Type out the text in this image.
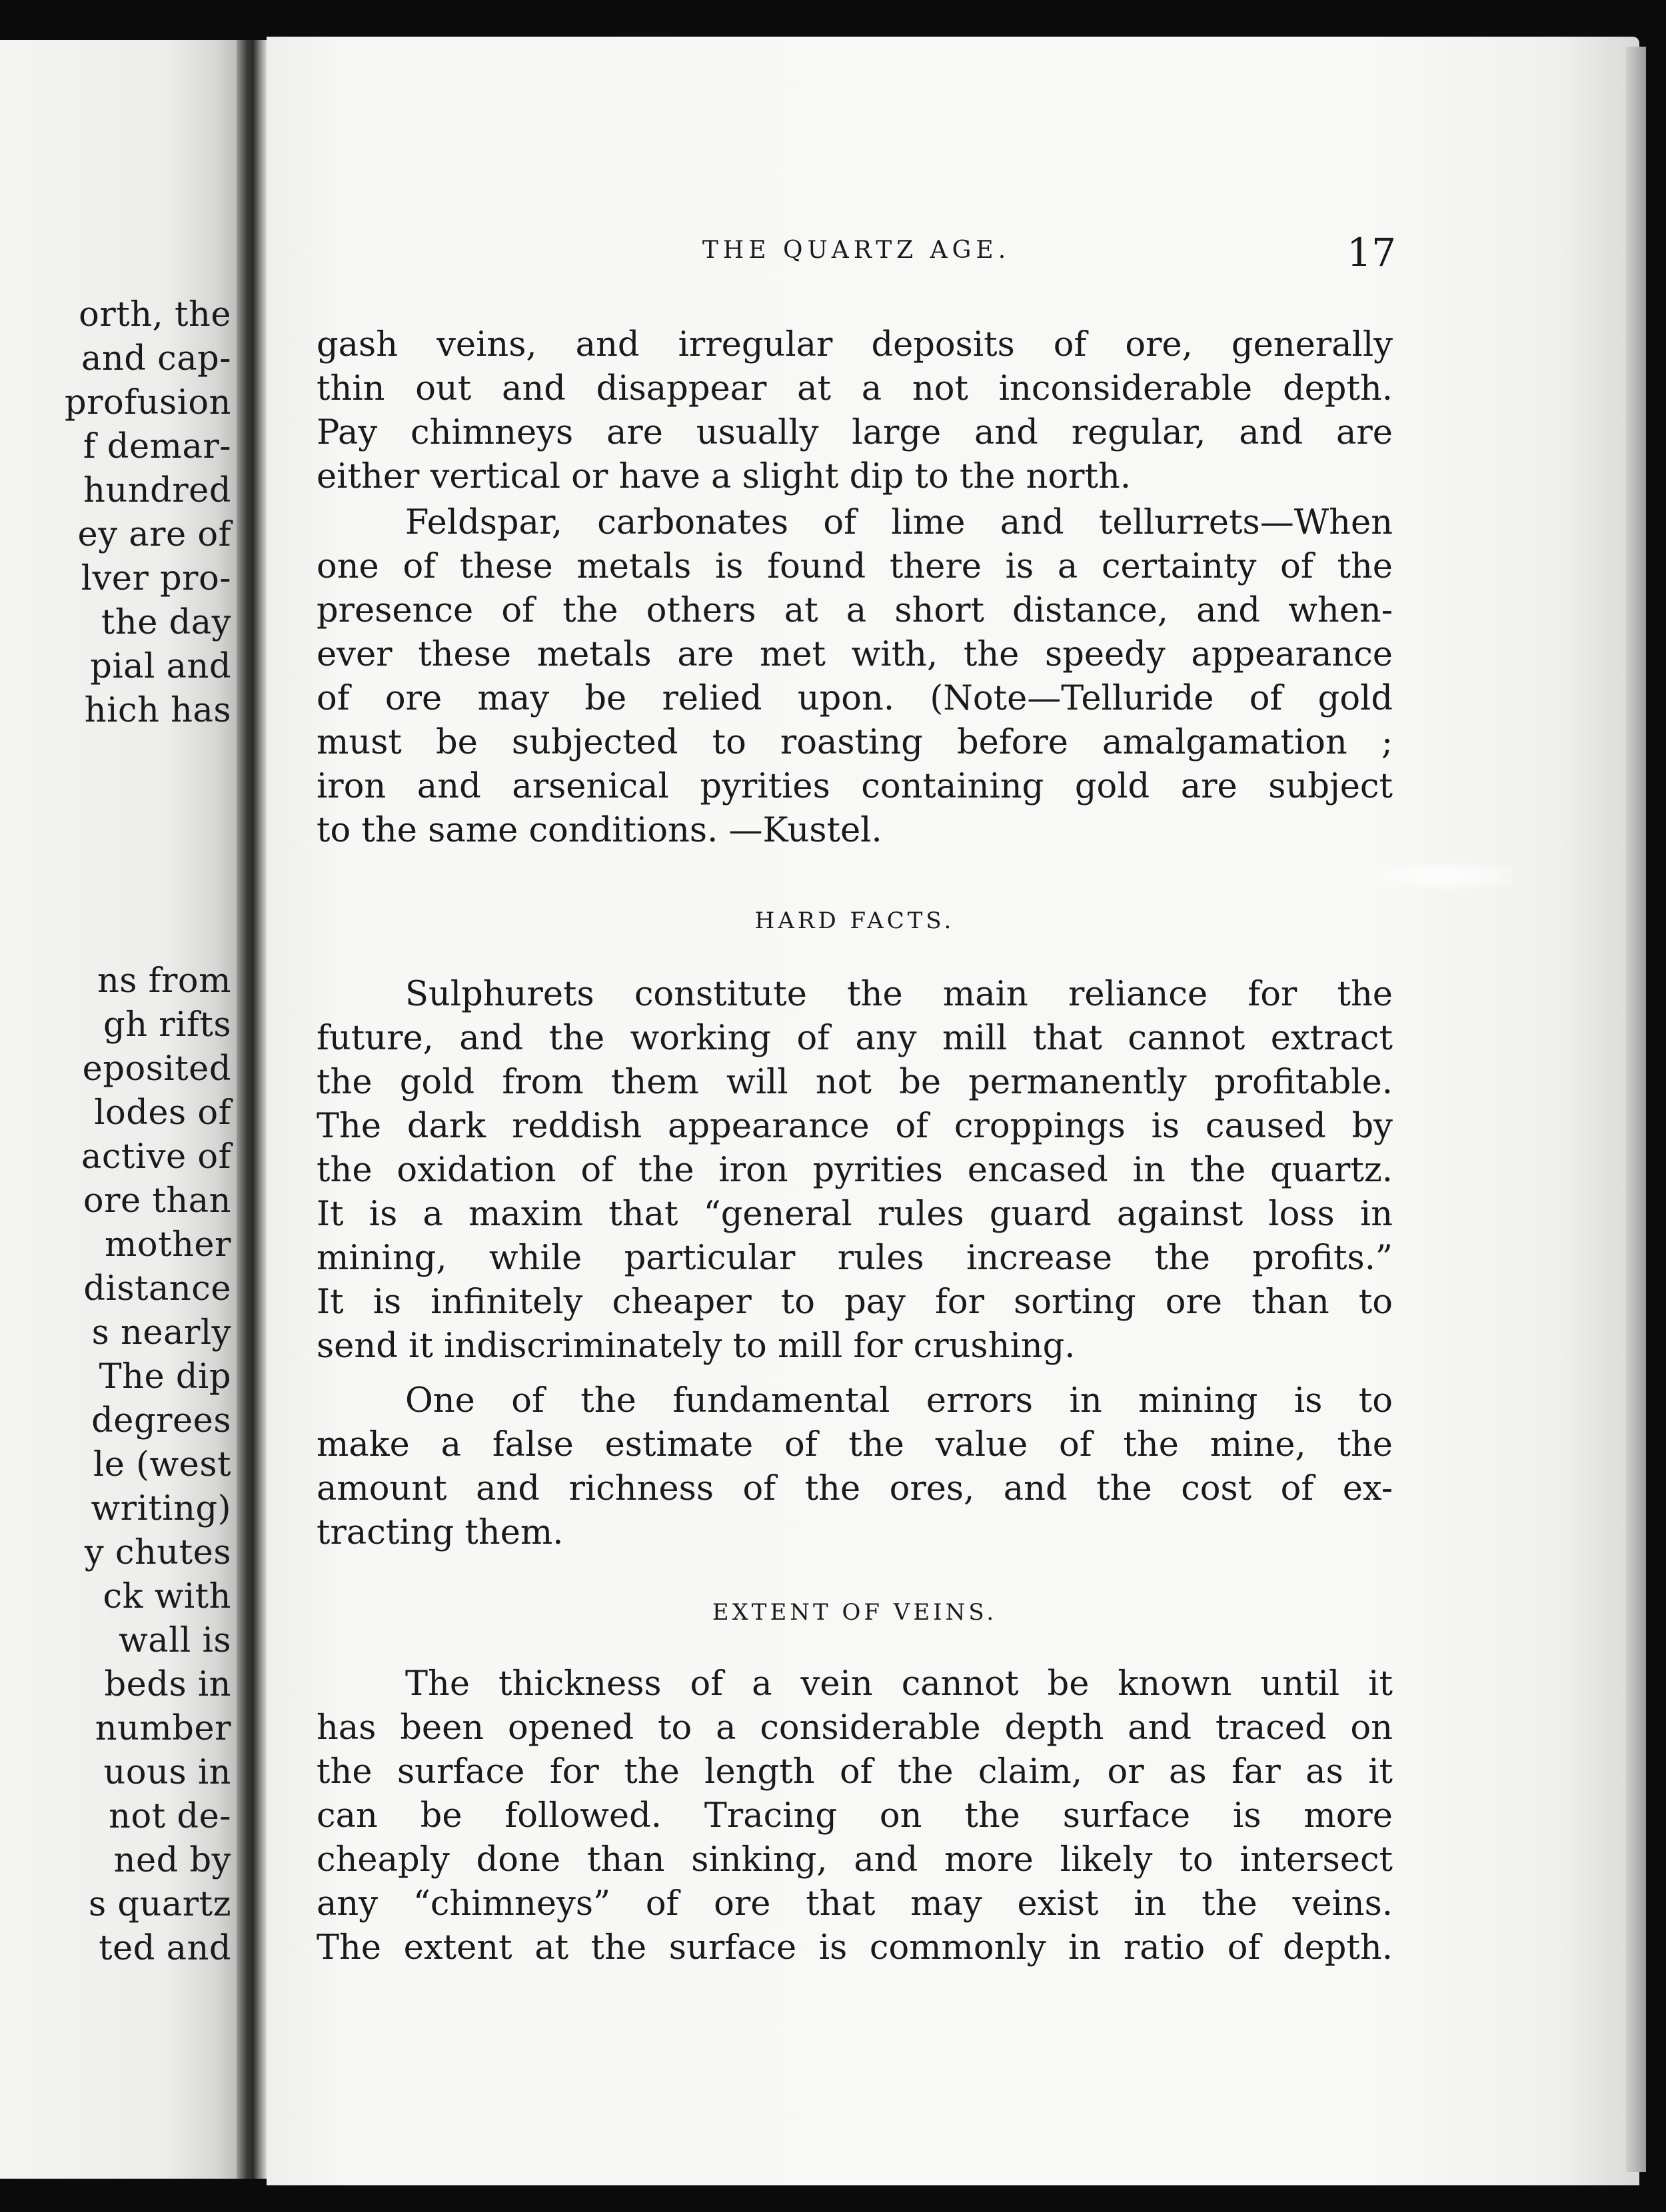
orth, the
and cap-
profusion
f demar-
hundred
ey are of
lver pro-
the day
pial and
hich has
ns from
gh rifts
eposited
lodes of
active of
ore than
mother
distance
s nearly
The dip
degrees
le (west
writing)
y chutes
ck with
wall is
beds in
number
uous in
not de-
ned by
s quartz
ted and
THE QUARTZ AGE.	17
gash veins, and irregular deposits of ore, generally
thin out and disappear at a not inconsiderable depth.
Pay chimneys are usually large and regular, and are
either vertical or have a slight dip to the north.
Feldspar, carbonates of lime and tellurrets—When
one of these metals is found there is a certainty of the
presence of the others at a short distance, and when-
ever these metals are met with, the speedy appearance
of ore may be relied upon. (Note—Telluride of gold
must be subjected to roasting before amalgamation ;
iron and arsenical pyrities containing gold are subject
to the same conditions. —Kustel.
HARD FACTS.
Sulphurets constitute the main reliance for the
future, and the working of any mill that cannot extract
the gold from them will not be permanently profitable.
The dark reddish appearance of croppings is caused by
the oxidation of the iron pyrities encased in the quartz.
It is a maxim that “general rules guard against loss in
mining, while particular rules increase the profits.”
It is infinitely cheaper to pay for sorting ore than to
send it indiscriminately to mill for crushing.
One of the fundamental errors in mining is to
make a false estimate of the value of the mine, the
amount and richness of the ores, and the cost of ex-
tracting them.
EXTENT OF VEINS.
The thickness of a vein cannot be known until it
has been opened to a considerable depth and traced on
the surface for the length of the claim, or as far as it
can be followed. Tracing on the surface is more
cheaply done than sinking, and more likely to intersect
any “chimneys” of ore that may exist in the veins.
The extent at the surface is commonly in ratio of depth.
